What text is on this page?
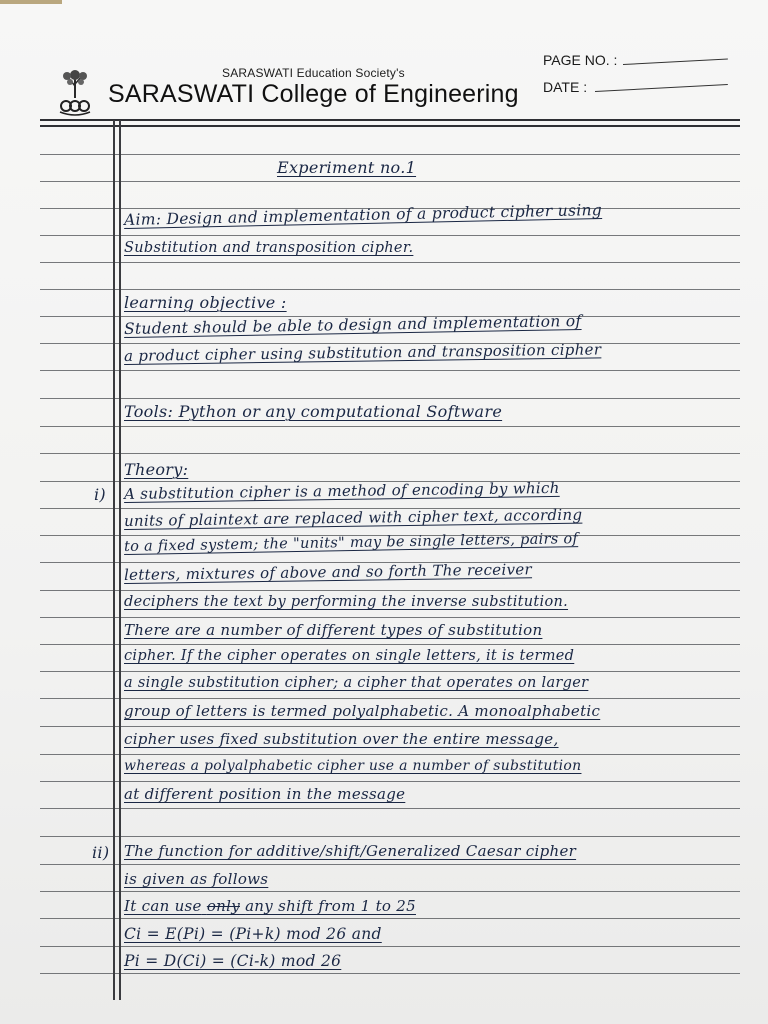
SARASWATI Education Society's
SARASWATI College of Engineering
PAGE NO. :
DATE :
Experiment no.1
Aim: Design and implementation of a product cipher using
Substitution and transposition cipher.
learning objective :
Student should be able to design and implementation of
a product cipher using substitution and transposition cipher
Tools: Python or any computational Software
Theory:
i) A substitution cipher is a method of encoding by which
units of plaintext are replaced with cipher text, according
to a fixed system; the "units" may be single letters, pairs of
letters, mixtures of above and so forth The receiver
deciphers the text by performing the inverse substitution.
There are a number of different types of substitution
cipher. If the cipher operates on single letters, it is termed
a single substitution cipher; a cipher that operates on larger
group of letters is termed polyalphabetic. A monoalphabetic
cipher uses fixed substitution over the entire message,
whereas a polyalphabetic cipher use a number of substitution
at different position in the message
ii) The function for additive/shift/Generalized Caesar cipher
is given as follows
It can use only any shift from 1 to 25
Ci = E(Pi) = (Pi+k) mod 26 and
Pi = D(Ci) = (Ci-k) mod 26
